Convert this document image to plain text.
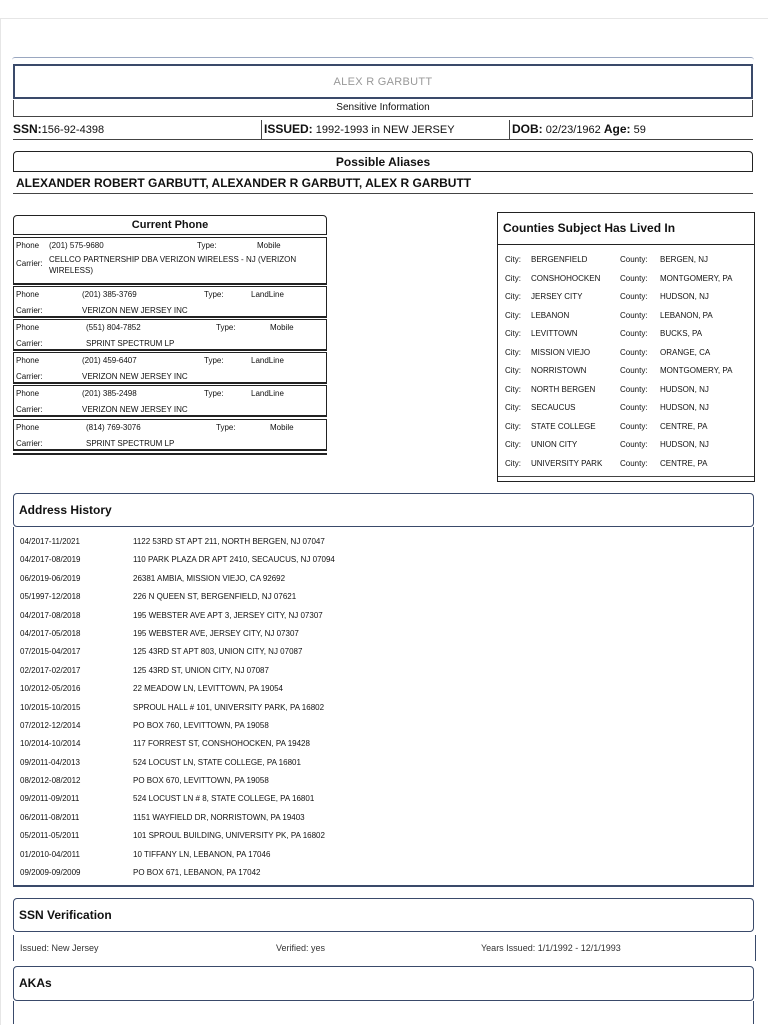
ALEX R GARBUTT
Sensitive Information
SSN:156-92-4398	ISSUED: 1992-1993 in NEW JERSEY	DOB: 02/23/1962 Age: 59
Possible Aliases
ALEXANDER ROBERT GARBUTT, ALEXANDER R GARBUTT, ALEX R GARBUTT
Current Phone
Phone (201) 575-9680	Type:	Mobile
Carrier: CELLCO PARTNERSHIP DBA VERIZON WIRELESS - NJ (VERIZON
WIRELESS)
Phone	(201) 385-3769	Type:	LandLine
Carrier:	VERIZON NEW JERSEY INC
Phone	(551) 804-7852	Type:	Mobile
Carrier:	SPRINT SPECTRUM LP
Phone	(201) 459-6407	Type:	LandLine
Carrier:	VERIZON NEW JERSEY INC
Phone	(201) 385-2498	Type:	LandLine
Carrier:	VERIZON NEW JERSEY INC
Phone	(814) 769-3076	Type:	Mobile
Carrier:	SPRINT SPECTRUM LP
Counties Subject Has Lived In
City: BERGENFIELD	County: BERGEN, NJ
City: CONSHOHOCKEN County: MONTGOMERY, PA
City: JERSEY CITY	County: HUDSON, NJ
City: LEBANON	County: LEBANON, PA
City: LEVITTOWN	County: BUCKS, PA
City: MISSION VIEJO	County: ORANGE, CA
City: NORRISTOWN	County: MONTGOMERY, PA
City: NORTH BERGEN	County: HUDSON, NJ
City: SECAUCUS	County: HUDSON, NJ
City: STATE COLLEGE	County: CENTRE, PA
City: UNION CITY	County: HUDSON, NJ
City: UNIVERSITY PARK County: CENTRE, PA
Address History
04/2017-11/2021	1122 53RD ST APT 211, NORTH BERGEN, NJ 07047
04/2017-08/2019	110 PARK PLAZA DR APT 2410, SECAUCUS, NJ 07094
06/2019-06/2019	26381 AMBIA, MISSION VIEJO, CA 92692
05/1997-12/2018	226 N QUEEN ST, BERGENFIELD, NJ 07621
04/2017-08/2018	195 WEBSTER AVE APT 3, JERSEY CITY, NJ 07307
04/2017-05/2018	195 WEBSTER AVE, JERSEY CITY, NJ 07307
07/2015-04/2017	125 43RD ST APT 803, UNION CITY, NJ 07087
02/2017-02/2017	125 43RD ST, UNION CITY, NJ 07087
10/2012-05/2016	22 MEADOW LN, LEVITTOWN, PA 19054
10/2015-10/2015	SPROUL HALL # 101, UNIVERSITY PARK, PA 16802
07/2012-12/2014	PO BOX 760, LEVITTOWN, PA 19058
10/2014-10/2014	117 FORREST ST, CONSHOHOCKEN, PA 19428
09/2011-04/2013	524 LOCUST LN, STATE COLLEGE, PA 16801
08/2012-08/2012	PO BOX 670, LEVITTOWN, PA 19058
09/2011-09/2011	524 LOCUST LN # 8, STATE COLLEGE, PA 16801
06/2011-08/2011	1151 WAYFIELD DR, NORRISTOWN, PA 19403
05/2011-05/2011	101 SPROUL BUILDING, UNIVERSITY PK, PA 16802
01/2010-04/2011	10 TIFFANY LN, LEBANON, PA 17046
09/2009-09/2009	PO BOX 671, LEBANON, PA 17042
SSN Verification
Issued: New Jersey	Verified: yes	Years Issued: 1/1/1992 - 12/1/1993
AKAs
